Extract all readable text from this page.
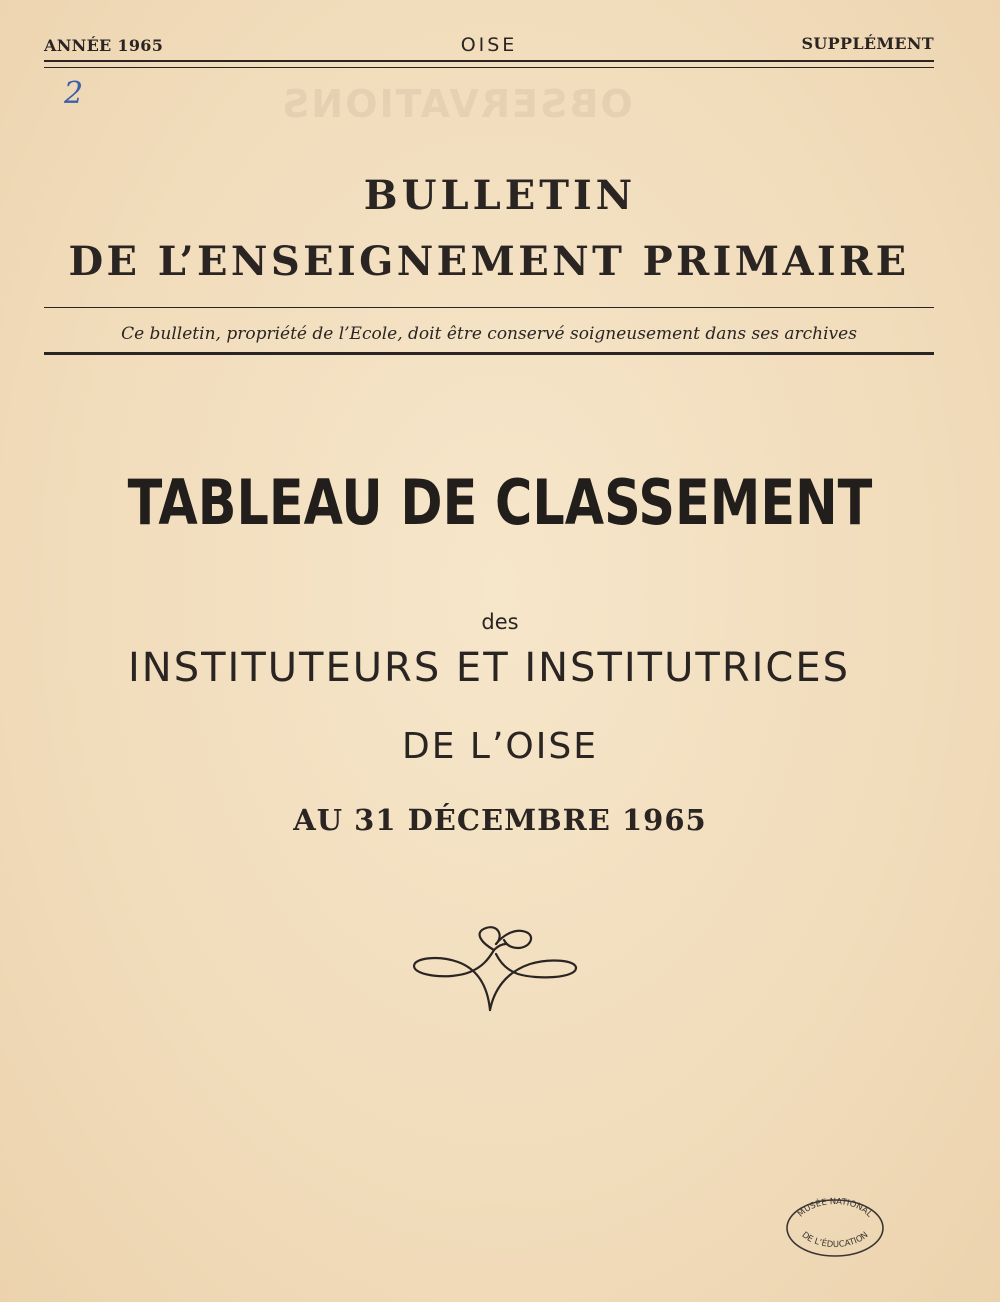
OBSERVATIONS
ANNÉE 1965	OISE	SUPPLÉMENT
2
BULLETIN
DE L’ENSEIGNEMENT PRIMAIRE
Ce bulletin, propriété de l’Ecole, doit être conservé soigneusement dans ses archives
TABLEAU DE CLASSEMENT
des
INSTITUTEURS ET INSTITUTRICES
DE L’OISE
AU 31 DÉCEMBRE 1965
MUSÉE NATIONAL
DE L’ÉDUCATION
